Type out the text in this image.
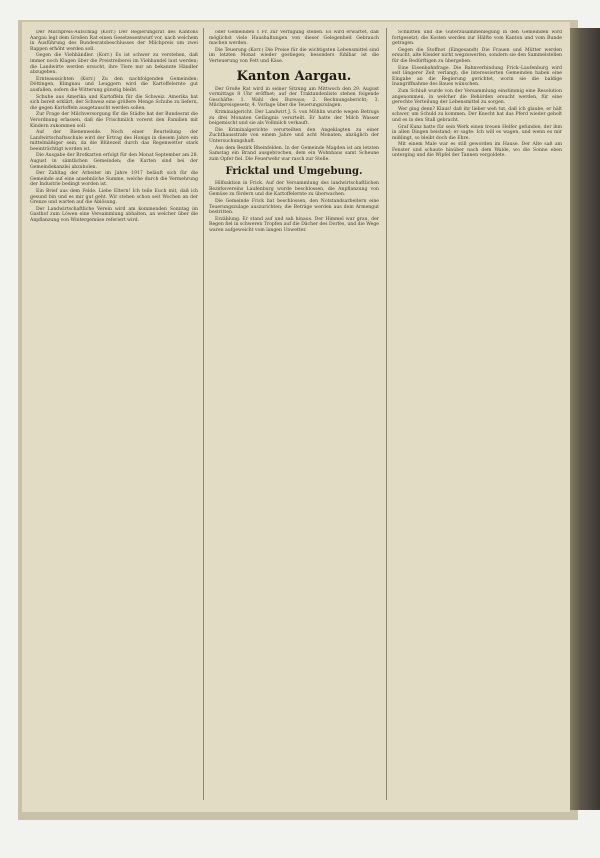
Der Milchpreis-Aufschlag (Korr.) Der Regierungsrat des Kantons Aargau legt dem Großen Rat einen Gesetzesentwurf vor, nach welchem in Ausführung des Bundesratsbeschlusses der Milchpreis um zwei Rappen erhöht werden soll.

Gegen die Viehhändler. (Korr.) Es ist schwer zu verstehen, daß immer noch Klagen über die Preistreiberei im Viehhandel laut werden; die Landwirte werden ersucht, ihre Tiere nur an bekannte Händler abzugeben.

Ernteaussichten (Korr.) Zu den nachfolgenden Gemeinden: Döttingen, Klingnau und Leuggern wird die Kartoffelernte gut ausfallen, sofern die Witterung günstig bleibt.

Schuhe aus Amerika und Kartoffeln für die Schweiz. Amerika hat sich bereit erklärt, der Schweiz eine größere Menge Schuhe zu liefern, die gegen Kartoffeln ausgetauscht werden sollen.

Zur Frage der Milchversorgung für die Städte hat der Bundesrat die Verordnung erlassen, daß die Frischmilch vorerst den Familien mit Kindern zukommen soll.

Auf der Bienenweide. Noch einer Beurteilung der Landwirtschaftsschule wird der Ertrag des Honigs in diesem Jahre ein mittelmäßiger sein, da die Blütezeit durch das Regenwetter stark beeinträchtigt worden ist.

Die Ausgabe der Brotkarten erfolgt für den Monat September am 28. August in sämtlichen Gemeinden; die Karten sind bei der Gemeindekanzlei abzuholen.

Der Zahltag der Arbeiter im Jahre 1917 beläuft sich für die Gemeinde auf eine ansehnliche Summe, welche durch die Vermehrung der Industrie bedingt worden ist.

Ein Brief aus dem Felde. Liebe Eltern! Ich teile Euch mit, daß ich gesund bin und es mir gut geht. Wir stehen schon seit Wochen an der Grenze und warten auf die Ablösung.

Der Landwirtschaftliche Verein wird am kommenden Sonntag im Gasthof zum Löwen eine Versammlung abhalten, an welcher über die Anpflanzung von Wintergemüse referiert wird.

oder Gemeinden 1 Fr. zur Verfügung stellen. Es wird erwartet, daß möglichst viele Haushaltungen von dieser Gelegenheit Gebrauch machen werden.

Die Teuerung (Korr.) Die Preise für die wichtigsten Lebensmittel sind im letzten Monat wieder gestiegen; besonders fühlbar ist die Verteuerung von Fett und Käse.

Kanton Aargau.

Der Große Rat wird in seiner Sitzung am Mittwoch den 29. August vormittags 8 Uhr eröffnet; auf der Traktandenliste stehen folgende Geschäfte: 1. Wahl des Bureaus; 2. Rechnungsbericht; 3. Milchpreisgesetz; 4. Vorlage über die Teuerungszulagen.

Kriminalgericht. Der Landwirt J. S. von Möhlin wurde wegen Betrugs zu drei Monaten Gefängnis verurteilt. Er hatte der Milch Wasser beigemischt und sie als Vollmilch verkauft.

Die Kriminalgerichte verurteilten den Angeklagten zu einer Zuchthausstrafe von einem Jahre und acht Monaten, abzüglich der Untersuchungshaft.

Aus dem Bezirk Rheinfelden. In der Gemeinde Magden ist am letzten Samstag ein Brand ausgebrochen, dem ein Wohnhaus samt Scheune zum Opfer fiel. Die Feuerwehr war rasch zur Stelle.

Fricktal und Umgebung.

Hilfsaktion in Frick. Auf der Versammlung des landwirtschaftlichen Bezirksvereins Laufenburg wurde beschlossen, die Anpflanzung von Gemüse zu fördern und die Kartoffelernte zu überwachen.

Die Gemeinde Frick hat beschlossen, den Notstandsarbeitern eine Teuerungszulage auszurichten; die Beträge werden aus dem Armengut bestritten.

Erzählung. Er stand auf und sah hinaus. Der Himmel war grau, der Regen fiel in schweren Tropfen auf die Dächer des Dorfes, und die Wege waren aufgeweicht vom langen Unwetter.

Schnitten und die Güterzusammenlegung in den Gemeinden wird fortgesetzt; die Kosten werden zur Hälfte vom Kanton und vom Bunde getragen.

Gegen die Stoffnot (Eingesandt) Die Frauen und Mütter werden ersucht, alte Kleider nicht wegzuwerfen, sondern sie den Sammelstellen für die Bedürftigen zu übergeben.

Eine Eisenbahnfrage. Die Bahnverbindung Frick–Laufenburg wird seit längerer Zeit verlangt; die interessierten Gemeinden haben eine Eingabe an die Regierung gerichtet, worin sie die baldige Inangriffnahme des Baues wünschen.

Zum Schluß wurde von der Versammlung einstimmig eine Resolution angenommen, in welcher die Behörden ersucht werden, für eine gerechte Verteilung der Lebensmittel zu sorgen.

Wer ging denn? Klaus! daß ihr lieber weh tut, daß ich glaube, er hält schwer, um Schuld zu kommen. Der Knecht hat das Pferd wieder geholt und es in den Stall gebracht.

Graf Kunz hatte für sein Werk einen treuen Helfer gefunden, der ihm in allen Dingen beistand; er sagte: Ich will es wagen, und wenn es mir mißlingt, so bleibt doch die Ehre.

Mit einem Male war es still geworden im Hause. Der Alte saß am Fenster und schaute hinüber nach dem Walde, wo die Sonne eben unterging und die Wipfel der Tannen vergoldete.
